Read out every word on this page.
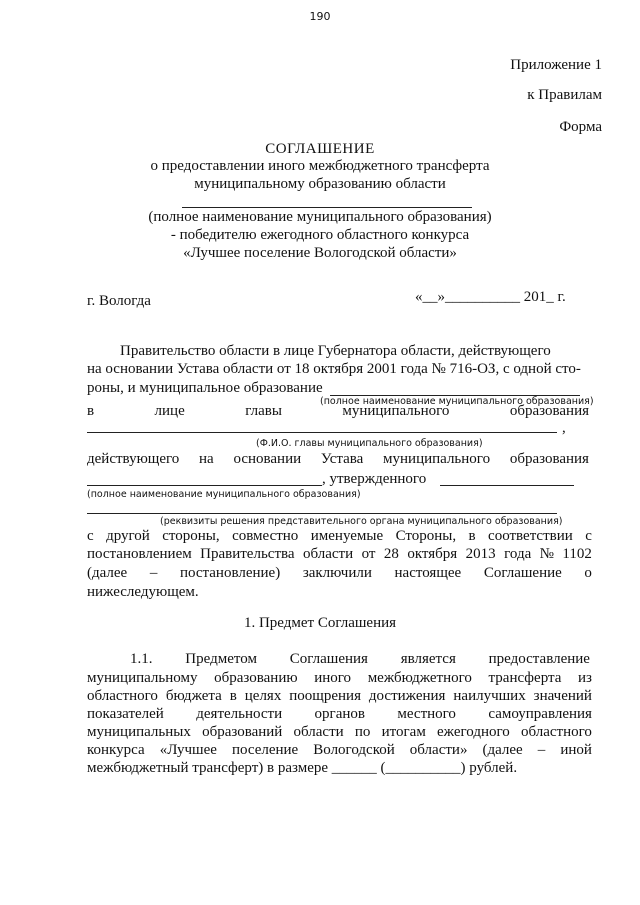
190
Приложение 1
к Правилам
Форма
СОГЛАШЕНИЕ
о предоставлении иного межбюджетного трансферта
муниципальному образованию области
(полное наименование муниципального образования)
- победителю ежегодного областного конкурса
«Лучшее поселение Вологодской области»
г. Вологда	«__»__________ 201_ г.
Правительство области в лице Губернатора области, действующего
на основании Устава области от 18 октября 2001 года № 716-ОЗ, с одной сто-
роны, и муниципальное образование
(полное наименование муниципального образования)
в	лице	главы	муниципального	образования
,
(Ф.И.О. главы муниципального образования)
действующего на основании Устава муниципального образования
, утвержденного
(полное наименование муниципального образования)
(реквизиты решения представительного органа муниципального образования)
с другой стороны, совместно именуемые Стороны, в соответствии с
постановлением Правительства области от 28 октября 2013 года № 1102
(далее – постановление) заключили настоящее Соглашение о
нижеследующем.
1. Предмет Соглашения
1.1. Предметом Соглашения является предоставление
муниципальному образованию иного межбюджетного трансферта из
областного бюджета в целях поощрения достижения наилучших значений
показателей деятельности органов местного самоуправления
муниципальных образований области по итогам ежегодного областного
конкурса «Лучшее поселение Вологодской области» (далее – иной
межбюджетный трансферт) в размере ______ (__________) рублей.
